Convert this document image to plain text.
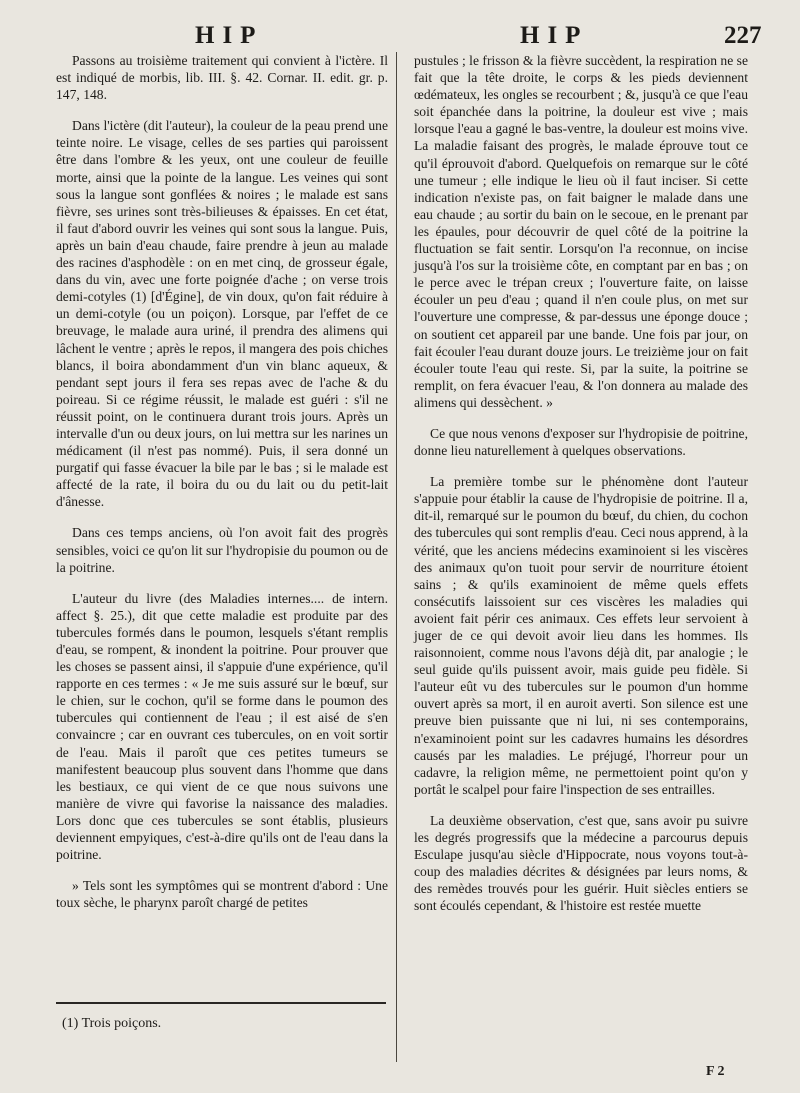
HIP	HIP	227

Passons au troisième traitement qui convient à l'ictère. Il est indiqué de morbis, lib. III. §. 42. Cornar. II. edit. gr. p. 147, 148.

Dans l'ictère (dit l'auteur), la couleur de la peau prend une teinte noire. Le visage, celles de ses parties qui paroissent être dans l'ombre & les yeux, ont une couleur de feuille morte, ainsi que la pointe de la langue. Les veines qui sont sous la langue sont gonflées & noires ; le malade est sans fièvre, ses urines sont très-bilieuses & épaisses. En cet état, il faut d'abord ouvrir les veines qui sont sous la langue. Puis, après un bain d'eau chaude, faire prendre à jeun au malade des racines d'asphodèle : on en met cinq, de grosseur égale, dans du vin, avec une forte poignée d'ache ; on verse trois demi-cotyles (1) [d'Égine], de vin doux, qu'on fait réduire à un demi-cotyle (ou un poiçon). Lorsque, par l'effet de ce breuvage, le malade aura uriné, il prendra des alimens qui lâchent le ventre ; après le repos, il mangera des pois chiches blancs, il boira abondamment d'un vin blanc aqueux, & pendant sept jours il fera ses repas avec de l'ache & du poireau. Si ce régime réussit, le malade est guéri : s'il ne réussit point, on le continuera durant trois jours. Après un intervalle d'un ou deux jours, on lui mettra sur les narines un médicament (il n'est pas nommé). Puis, il sera donné un purgatif qui fasse évacuer la bile par le bas ; si le malade est affecté de la rate, il boira du ou du lait ou du petit-lait d'ânesse.

Dans ces temps anciens, où l'on avoit fait des progrès sensibles, voici ce qu'on lit sur l'hydropisie du poumon ou de la poitrine.

L'auteur du livre (des Maladies internes.... de intern. affect §. 25.), dit que cette maladie est produite par des tubercules formés dans le poumon, lesquels s'étant remplis d'eau, se rompent, & inondent la poitrine. Pour prouver que les choses se passent ainsi, il s'appuie d'une expérience, qu'il rapporte en ces termes : « Je me suis assuré sur le bœuf, sur le chien, sur le cochon, qu'il se forme dans le poumon des tubercules qui contiennent de l'eau ; il est aisé de s'en convaincre ; car en ouvrant ces tubercules, on en voit sortir de l'eau. Mais il paroît que ces petites tumeurs se manifestent beaucoup plus souvent dans l'homme que dans les bestiaux, ce qui vient de ce que nous suivons une manière de vivre qui favorise la naissance des maladies. Lors donc que ces tubercules se sont établis, plusieurs deviennent empyiques, c'est-à-dire qu'ils ont de l'eau dans la poitrine.

» Tels sont les symptômes qui se montrent d'abord : Une toux sèche, le pharynx paroît chargé de petites

pustules ; le frisson & la fièvre succèdent, la respiration ne se fait que la tête droite, le corps & les pieds deviennent œdémateux, les ongles se recourbent ; &, jusqu'à ce que l'eau soit épanchée dans la poitrine, la douleur est vive ; mais lorsque l'eau a gagné le bas-ventre, la douleur est moins vive. La maladie faisant des progrès, le malade éprouve tout ce qu'il éprouvoit d'abord. Quelquefois on remarque sur le côté une tumeur ; elle indique le lieu où il faut inciser. Si cette indication n'existe pas, on fait baigner le malade dans une eau chaude ; au sortir du bain on le secoue, en le prenant par les épaules, pour découvrir de quel côté de la poitrine la fluctuation se fait sentir. Lorsqu'on l'a reconnue, on incise jusqu'à l'os sur la troisième côte, en comptant par en bas ; on le perce avec le trépan creux ; l'ouverture faite, on laisse écouler un peu d'eau ; quand il n'en coule plus, on met sur l'ouverture une compresse, & par-dessus une éponge douce ; on soutient cet appareil par une bande. Une fois par jour, on fait écouler l'eau durant douze jours. Le treizième jour on fait écouler toute l'eau qui reste. Si, par la suite, la poitrine se remplit, on fera évacuer l'eau, & l'on donnera au malade des alimens qui dessèchent. »

Ce que nous venons d'exposer sur l'hydropisie de poitrine, donne lieu naturellement à quelques observations.

La première tombe sur le phénomène dont l'auteur s'appuie pour établir la cause de l'hydropisie de poitrine. Il a, dit-il, remarqué sur le poumon du bœuf, du chien, du cochon des tubercules qui sont remplis d'eau. Ceci nous apprend, à la vérité, que les anciens médecins examinoient si les viscères des animaux qu'on tuoit pour servir de nourriture étoient sains ; & qu'ils examinoient de même quels effets consécutifs laissoient sur ces viscères les maladies qui avoient fait périr ces animaux. Ces effets leur servoient à juger de ce qui devoit avoir lieu dans les hommes. Ils raisonnoient, comme nous l'avons déjà dit, par analogie ; le seul guide qu'ils puissent avoir, mais guide peu fidèle. Si l'auteur eût vu des tubercules sur le poumon d'un homme ouvert après sa mort, il en auroit averti. Son silence est une preuve bien puissante que ni lui, ni ses contemporains, n'examinoient point sur les cadavres humains les désordres causés par les maladies. Le préjugé, l'horreur pour un cadavre, la religion même, ne permettoient point qu'on y portât le scalpel pour faire l'inspection de ses entrailles.

La deuxième observation, c'est que, sans avoir pu suivre les degrés progressifs que la médecine a parcourus depuis Esculape jusqu'au siècle d'Hippocrate, nous voyons tout-à-coup des maladies décrites & désignées par leurs noms, & des remèdes trouvés pour les guérir. Huit siècles entiers se sont écoulés cependant, & l'histoire est restée muette

(1) Trois poiçons.
F 2
